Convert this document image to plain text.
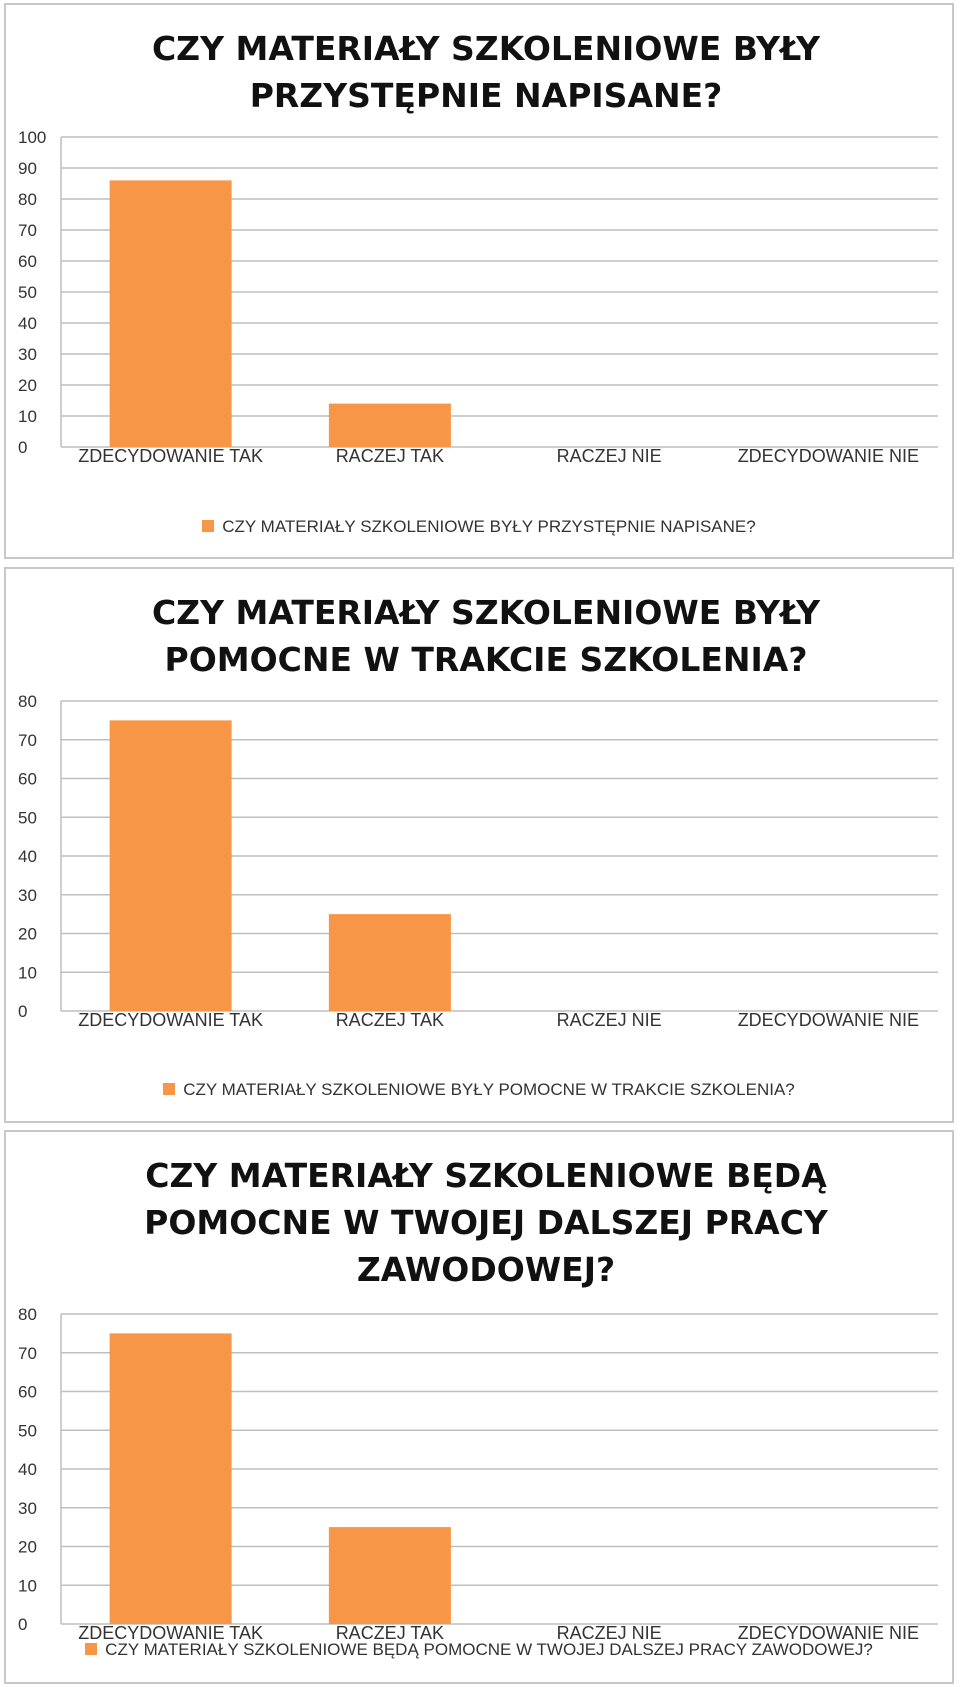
CZY MATERIAŁY SZKOLENIOWE BYŁY PRZYSTĘPNIE NAPISANE?
0
10
20
30
40
50
60
70
80
90
100
ZDECYDOWANIE TAK	RACZEJ TAK	RACZEJ NIE	ZDECYDOWANIE NIE
CZY MATERIAŁY SZKOLENIOWE BYŁY PRZYSTĘPNIE NAPISANE?
CZY MATERIAŁY SZKOLENIOWE BYŁY POMOCNE W TRAKCIE SZKOLENIA?
0
10
20
30
40
50
60
70
80
ZDECYDOWANIE TAK	RACZEJ TAK	RACZEJ NIE	ZDECYDOWANIE NIE
CZY MATERIAŁY SZKOLENIOWE BYŁY POMOCNE W TRAKCIE SZKOLENIA?
CZY MATERIAŁY SZKOLENIOWE BĘDĄ POMOCNE W TWOJEJ DALSZEJ PRACY ZAWODOWEJ?
0
10
20
30
40
50
60
70
80
ZDECYDOWANIE TAK	RACZEJ TAK	RACZEJ NIE	ZDECYDOWANIE NIE
CZY MATERIAŁY SZKOLENIOWE BĘDĄ POMOCNE W TWOJEJ DALSZEJ PRACY ZAWODOWEJ?
